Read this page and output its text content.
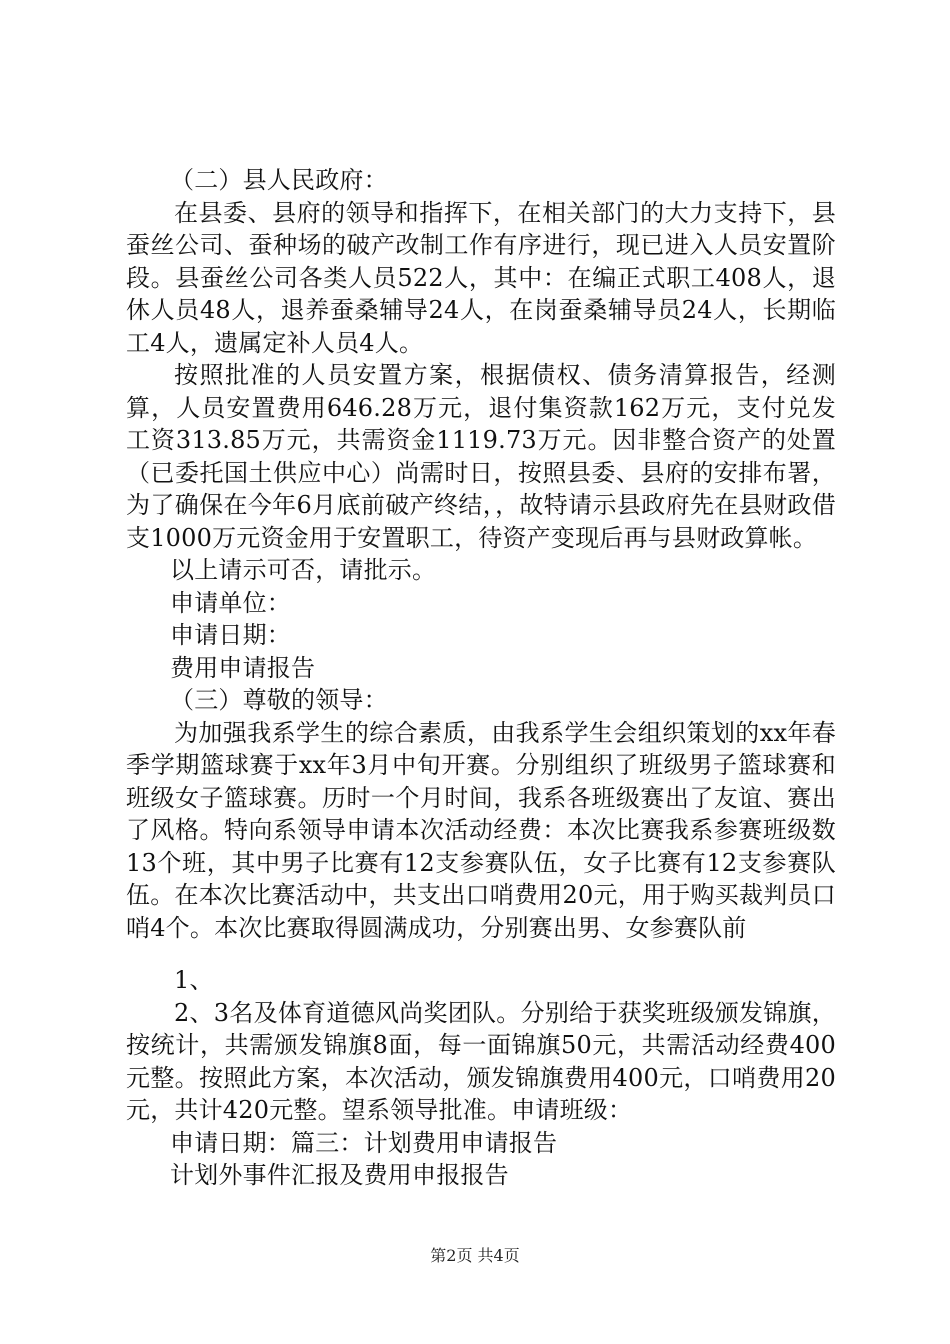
（二）县人民政府：

在县委、县府的领导和指挥下，在相关部门的大力支持下，县蚕丝公司、蚕种场的破产改制工作有序进行，现已进入人员安置阶段。县蚕丝公司各类人员522人，其中：在编正式职工408人，退休人员48人，退养蚕桑辅导24人，在岗蚕桑辅导员24人，长期临工4人，遗属定补人员4人。

按照批准的人员安置方案，根据债权、债务清算报告，经测算，人员安置费用646.28万元，退付集资款162万元，支付兑发工资313.85万元，共需资金1119.73万元。因非整合资产的处置（已委托国土供应中心）尚需时日，按照县委、县府的安排布署，为了确保在今年6月底前破产终结，，故特请示县政府先在县财政借支1000万元资金用于安置职工，待资产变现后再与县财政算帐。

以上请示可否，请批示。

申请单位：

申请日期：

费用申请报告

（三）尊敬的领导：

为加强我系学生的综合素质，由我系学生会组织策划的xx年春季学期篮球赛于xx年3月中旬开赛。分别组织了班级男子篮球赛和班级女子篮球赛。历时一个月时间，我系各班级赛出了友谊、赛出了风格。特向系领导申请本次活动经费：本次比赛我系参赛班级数13个班，其中男子比赛有12支参赛队伍，女子比赛有12支参赛队伍。在本次比赛活动中，共支出口哨费用20元，用于购买裁判员口哨4个。本次比赛取得圆满成功，分别赛出男、女参赛队前

1、

2、3名及体育道德风尚奖团队。分别给于获奖班级颁发锦旗，按统计，共需颁发锦旗8面，每一面锦旗50元，共需活动经费400元整。按照此方案，本次活动，颁发锦旗费用400元，口哨费用20元，共计420元整。望系领导批准。申请班级：

申请日期：篇三：计划费用申请报告

计划外事件汇报及费用申报报告

第2页 共4页
